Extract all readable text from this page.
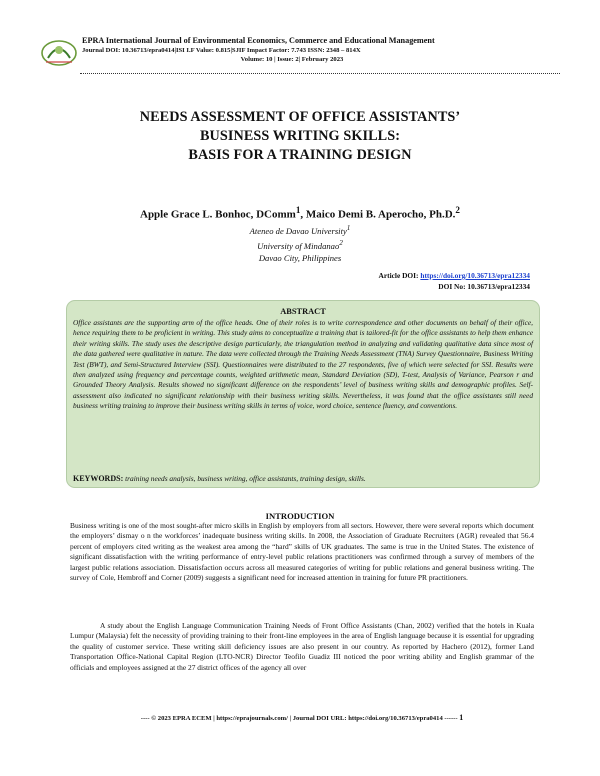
EPRA International Journal of Environmental Economics, Commerce and Educational Management
Journal DOI: 10.36713/epra0414|ISI I.F Value: 0.815|SJIF Impact Factor: 7.743 ISSN: 2348 – 814X
Volume: 10 | Issue: 2| February 2023
NEEDS ASSESSMENT OF OFFICE ASSISTANTS’
BUSINESS WRITING SKILLS:
BASIS FOR A TRAINING DESIGN
Apple Grace L. Bonhoc, DComm$^1$, Maico Demi B. Aperocho, Ph.D.$^2$
Ateneo de Davao University$^1$
University of Mindanao$^2$
Davao City, Philippines
Article DOI: https://doi.org/10.36713/epra12334
DOI No: 10.36713/epra12334
ABSTRACT
Office assistants are the supporting arm of the office heads. One of their roles is to write correspondence and other documents on behalf of their office, hence requiring them to be proficient in writing. This study aims to conceptualize a training that is tailored-fit for the office assistants to help them enhance their writing skills. The study uses the descriptive design particularly, the triangulation method in analyzing and validating qualitative data since most of the data gathered were qualitative in nature. The data were collected through the Training Needs Assessment (TNA) Survey Questionnaire, Business Writing Test (BWT), and Semi-Structured Interview (SSI). Questionnaires were distributed to the 27 respondents, five of which were selected for SSI. Results were then analyzed using frequency and percentage counts, weighted arithmetic mean, Standard Deviation (SD), T-test, Analysis of Variance, Pearson r and Grounded Theory Analysis. Results showed no significant difference on the respondents’ level of business writing skills and demographic profiles. Self-assessment also indicated no significant relationship with their business writing skills. Nevertheless, it was found that the office assistants still need business writing training to improve their business writing skills in terms of voice, word choice, sentence fluency, and conventions.
KEYWORDS: training needs analysis, business writing, office assistants, training design, skills.
INTRODUCTION
Business writing is one of the most sought-after micro skills in English by employers from all sectors. However, there were several reports which document the employers’ dismay o n the workforces’ inadequate business writing skills. In 2008, the Association of Graduate Recruiters (AGR) revealed that 56.4 percent of employers cited writing as the weakest area among the “hard” skills of UK graduates. The same is true in the United States. The existence of significant dissatisfaction with the writing performance of entry-level public relations practitioners was confirmed through a survey of members of the largest public relations association. Dissatisfaction occurs across all measured categories of writing for public relations and general business writing. The survey of Cole, Hembroff and Corner (2009) suggests a significant need for increased attention in training for future PR practitioners.
A study about the English Language Communication Training Needs of Front Office Assistants (Chan, 2002) verified that the hotels in Kuala Lumpur (Malaysia) felt the necessity of providing training to their front-line employees in the area of English language because it is essential for upgrading the quality of customer service. These writing skill deficiency issues are also present in our country. As reported by Hachero (2012), former Land Transportation Office-National Capital Region (LTO-NCR) Director Teofilo Guadiz III noticed the poor writing ability and English grammar of the officials and employees assigned at the 27 district offices of the agency all over
---- © 2023 EPRA ECEM | https://eprajournals.com/ | Journal DOI URL: https://doi.org/10.36713/epra0414 ------ 1
